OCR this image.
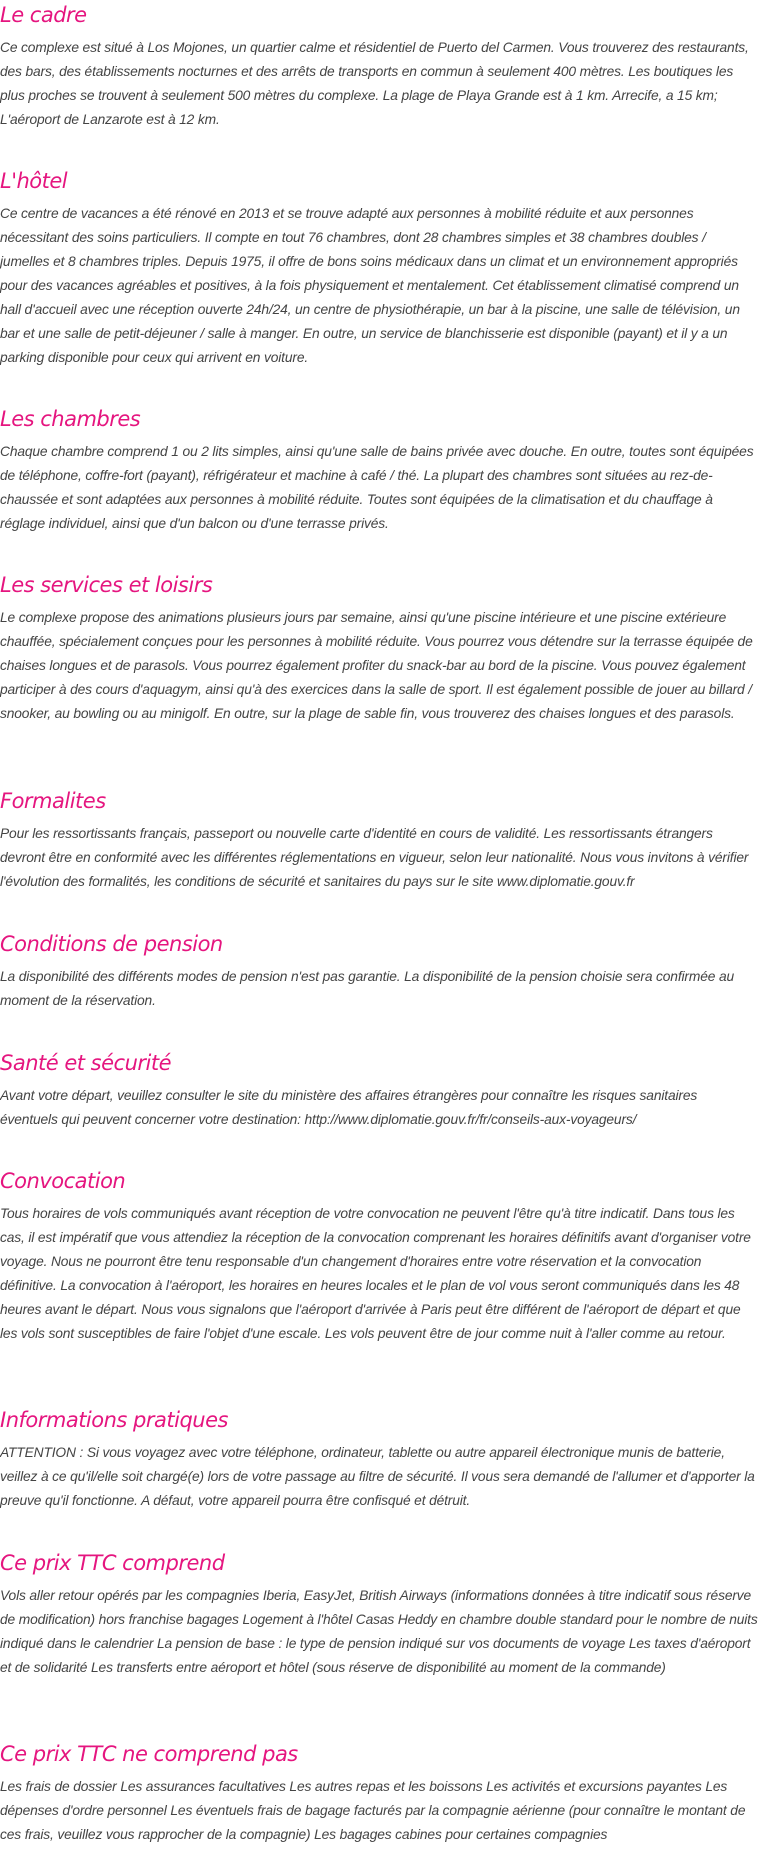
Le cadre

Ce complexe est situé à Los Mojones, un quartier calme et résidentiel de Puerto del Carmen. Vous trouverez des restaurants, des bars, des établissements nocturnes et des arrêts de transports en commun à seulement 400 mètres. Les boutiques les plus proches se trouvent à seulement 500 mètres du complexe. La plage de Playa Grande est à 1 km. Arrecife, a 15 km; L'aéroport de Lanzarote est à 12 km.

L'hôtel

Ce centre de vacances a été rénové en 2013 et se trouve adapté aux personnes à mobilité réduite et aux personnes nécessitant des soins particuliers. Il compte en tout 76 chambres, dont 28 chambres simples et 38 chambres doubles / jumelles et 8 chambres triples. Depuis 1975, il offre de bons soins médicaux dans un climat et un environnement appropriés pour des vacances agréables et positives, à la fois physiquement et mentalement. Cet établissement climatisé comprend un hall d'accueil avec une réception ouverte 24h/24, un centre de physiothérapie, un bar à la piscine, une salle de télévision, un bar et une salle de petit-déjeuner / salle à manger. En outre, un service de blanchisserie est disponible (payant) et il y a un parking disponible pour ceux qui arrivent en voiture.

Les chambres

Chaque chambre comprend 1 ou 2 lits simples, ainsi qu'une salle de bains privée avec douche. En outre, toutes sont équipées de téléphone, coffre-fort (payant), réfrigérateur et machine à café / thé. La plupart des chambres sont situées au rez-de-chaussée et sont adaptées aux personnes à mobilité réduite. Toutes sont équipées de la climatisation et du chauffage à réglage individuel, ainsi que d'un balcon ou d'une terrasse privés.

Les services et loisirs

Le complexe propose des animations plusieurs jours par semaine, ainsi qu'une piscine intérieure et une piscine extérieure chauffée, spécialement conçues pour les personnes à mobilité réduite. Vous pourrez vous détendre sur la terrasse équipée de chaises longues et de parasols. Vous pourrez également profiter du snack-bar au bord de la piscine. Vous pouvez également participer à des cours d'aquagym, ainsi qu'à des exercices dans la salle de sport. Il est également possible de jouer au billard / snooker, au bowling ou au minigolf. En outre, sur la plage de sable fin, vous trouverez des chaises longues et des parasols.

Formalites

Pour les ressortissants français, passeport ou nouvelle carte d'identité en cours de validité. Les ressortissants étrangers devront être en conformité avec les différentes réglementations en vigueur, selon leur nationalité. Nous vous invitons à vérifier l'évolution des formalités, les conditions de sécurité et sanitaires du pays sur le site www.diplomatie.gouv.fr

Conditions de pension

La disponibilité des différents modes de pension n'est pas garantie. La disponibilité de la pension choisie sera confirmée au moment de la réservation.

Santé et sécurité

Avant votre départ, veuillez consulter le site du ministère des affaires étrangères pour connaître les risques sanitaires éventuels qui peuvent concerner votre destination: http://www.diplomatie.gouv.fr/fr/conseils-aux-voyageurs/

Convocation

Tous horaires de vols communiqués avant réception de votre convocation ne peuvent l'être qu'à titre indicatif. Dans tous les cas, il est impératif que vous attendiez la réception de la convocation comprenant les horaires définitifs avant d'organiser votre voyage. Nous ne pourront être tenu responsable d'un changement d'horaires entre votre réservation et la convocation définitive. La convocation à l'aéroport, les horaires en heures locales et le plan de vol vous seront communiqués dans les 48 heures avant le départ. Nous vous signalons que l'aéroport d'arrivée à Paris peut être différent de l'aéroport de départ et que les vols sont susceptibles de faire l'objet d'une escale. Les vols peuvent être de jour comme nuit à l'aller comme au retour.

Informations pratiques

ATTENTION : Si vous voyagez avec votre téléphone, ordinateur, tablette ou autre appareil électronique munis de batterie, veillez à ce qu'il/elle soit chargé(e) lors de votre passage au filtre de sécurité. Il vous sera demandé de l'allumer et d'apporter la preuve qu'il fonctionne. A défaut, votre appareil pourra être confisqué et détruit.

Ce prix TTC comprend

Vols aller retour opérés par les compagnies Iberia, EasyJet, British Airways (informations données à titre indicatif sous réserve de modification) hors franchise bagages Logement à l'hôtel Casas Heddy en chambre double standard pour le nombre de nuits indiqué dans le calendrier La pension de base : le type de pension indiqué sur vos documents de voyage Les taxes d'aéroport et de solidarité Les transferts entre aéroport et hôtel (sous réserve de disponibilité au moment de la commande)

Ce prix TTC ne comprend pas

Les frais de dossier Les assurances facultatives Les autres repas et les boissons Les activités et excursions payantes Les dépenses d'ordre personnel Les éventuels frais de bagage facturés par la compagnie aérienne (pour connaître le montant de ces frais, veuillez vous rapprocher de la compagnie) Les bagages cabines pour certaines compagnies
